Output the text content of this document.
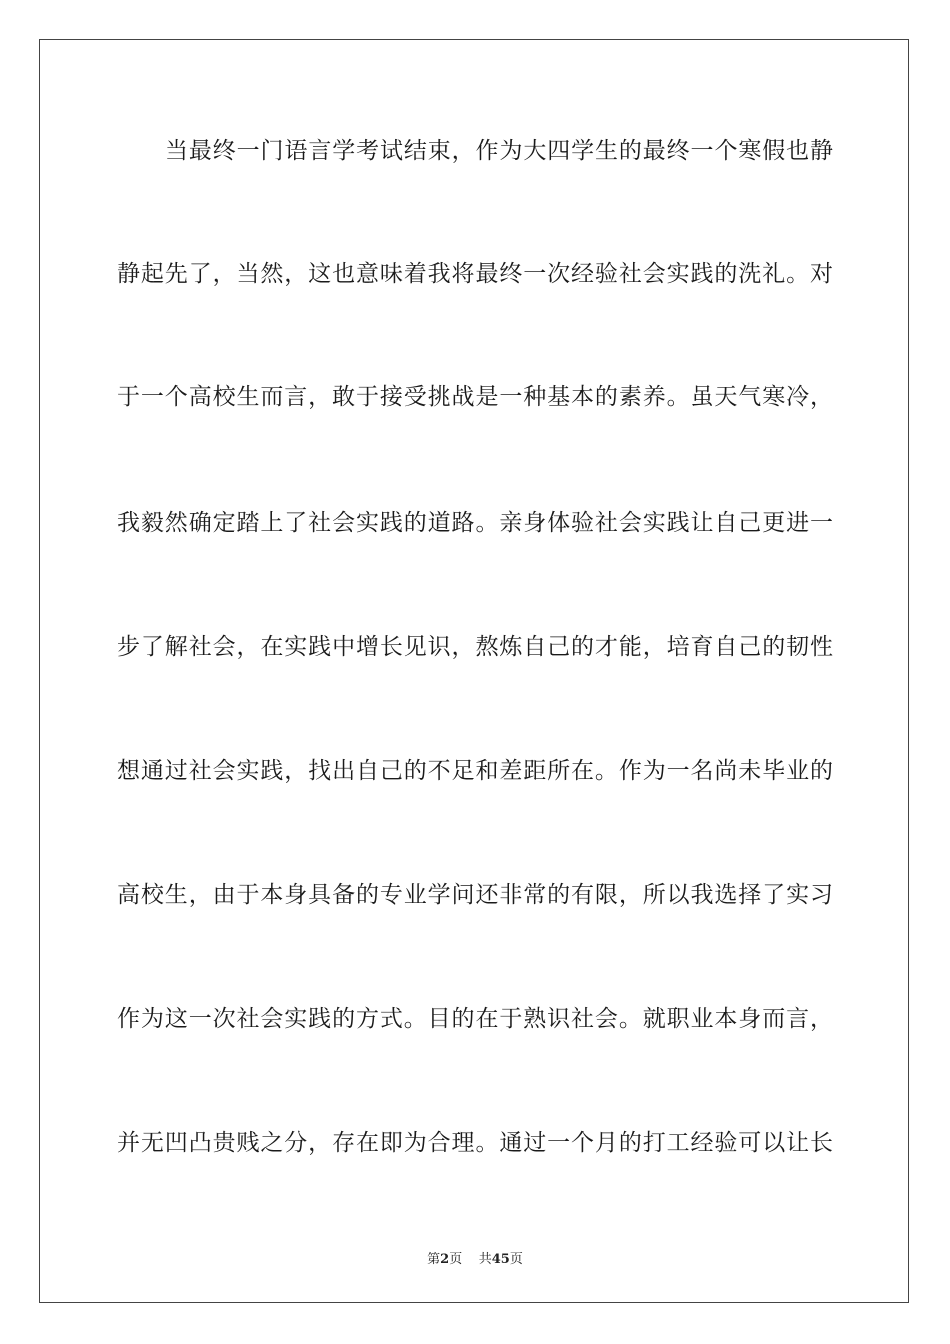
当最终一门语言学考试结束，作为大四学生的最终一个寒假也静
静起先了，当然，这也意味着我将最终一次经验社会实践的洗礼。对
于一个高校生而言，敢于接受挑战是一种基本的素养。虽天气寒冷，
我毅然确定踏上了社会实践的道路。亲身体验社会实践让自己更进一
步了解社会，在实践中增长见识，熬炼自己的才能，培育自己的韧性
想通过社会实践，找出自己的不足和差距所在。作为一名尚未毕业的
高校生，由于本身具备的专业学问还非常的有限，所以我选择了实习
作为这一次社会实践的方式。目的在于熟识社会。就职业本身而言，
并无凹凸贵贱之分，存在即为合理。通过一个月的打工经验可以让长
第2页 共45页
